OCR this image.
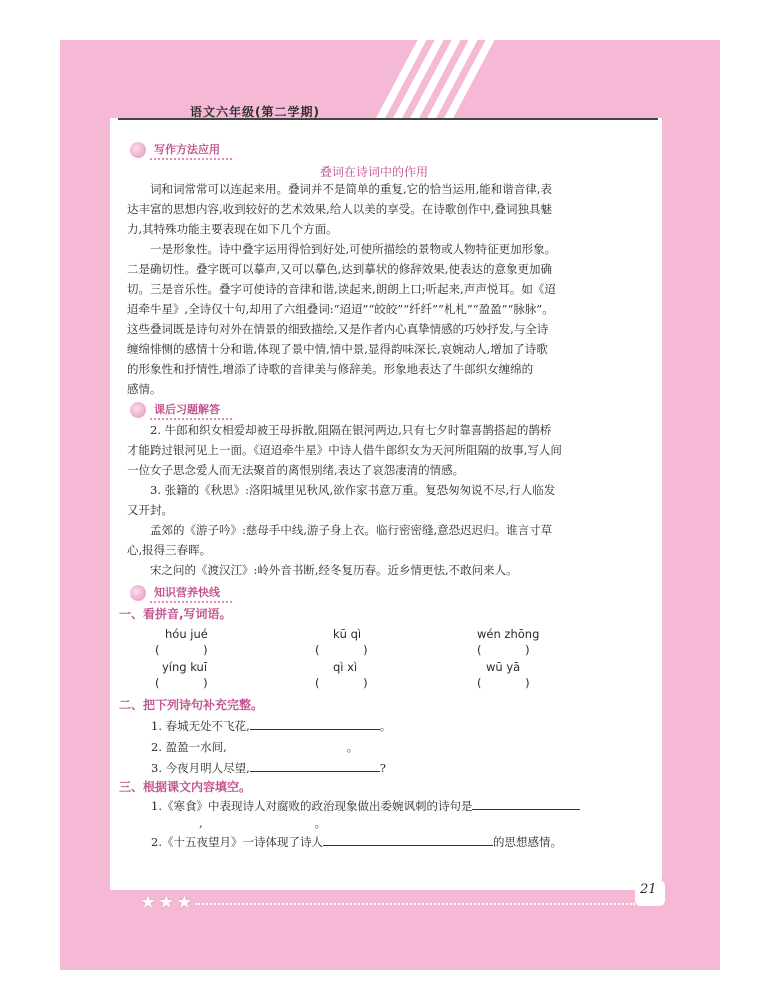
语文六年级(第二学期)
写作方法应用
叠词在诗词中的作用
词和词常常可以连起来用。叠词并不是简单的重复,它的恰当运用,能和谐音律,表
达丰富的思想内容,收到较好的艺术效果,给人以美的享受。在诗歌创作中,叠词独具魅
力,其特殊功能主要表现在如下几个方面。
一是形象性。诗中叠字运用得恰到好处,可使所描绘的景物或人物特征更加形象。
二是确切性。叠字既可以摹声,又可以摹色,达到摹状的修辞效果,使表达的意象更加确
切。三是音乐性。叠字可使诗的音律和谐,读起来,朗朗上口;听起来,声声悦耳。如《迢
迢牵牛星》,全诗仅十句,却用了六组叠词:“迢迢”“皎皎”“纤纤”“札札”“盈盈”“脉脉”。
这些叠词既是诗句对外在情景的细致描绘,又是作者内心真挚情感的巧妙抒发,与全诗
缠绵悱恻的感情十分和谐,体现了景中情,情中景,显得韵味深长,哀婉动人,增加了诗歌
的形象性和抒情性,增添了诗歌的音律美与修辞美。形象地表达了牛郎织女缠绵的
感情。
课后习题解答
2. 牛郎和织女相爱却被王母拆散,阻隔在银河两边,只有七夕时靠喜鹊搭起的鹊桥
才能跨过银河见上一面。《迢迢牵牛星》中诗人借牛郎织女为天河所阻隔的故事,写人间
一位女子思念爱人而无法聚首的离恨别绪,表达了哀怨凄清的情感。
3. 张籍的《秋思》:洛阳城里见秋风,欲作家书意万重。复恐匆匆说不尽,行人临发
又开封。
孟郊的《游子吟》:慈母手中线,游子身上衣。临行密密缝,意恐迟迟归。谁言寸草
心,报得三春晖。
宋之问的《渡汉江》:岭外音书断,经冬复历春。近乡情更怯,不敢问来人。
知识营养快线
一、看拼音,写词语。
hóu jué	kū qì	wén zhōng
( )	( )	( )
yíng kuī	qì xì	wū yā
( )	( )	( )
二、把下列诗句补充完整。
1. 春城无处不飞花,	。
2. 盈盈一水间,	。
3. 今夜月明人尽望,	?
三、根据课文内容填空。
1.《寒食》中表现诗人对腐败的政治现象做出委婉讽刺的诗句是
,	。
2.《十五夜望月》一诗体现了诗人	的思想感情。
21
★★★
